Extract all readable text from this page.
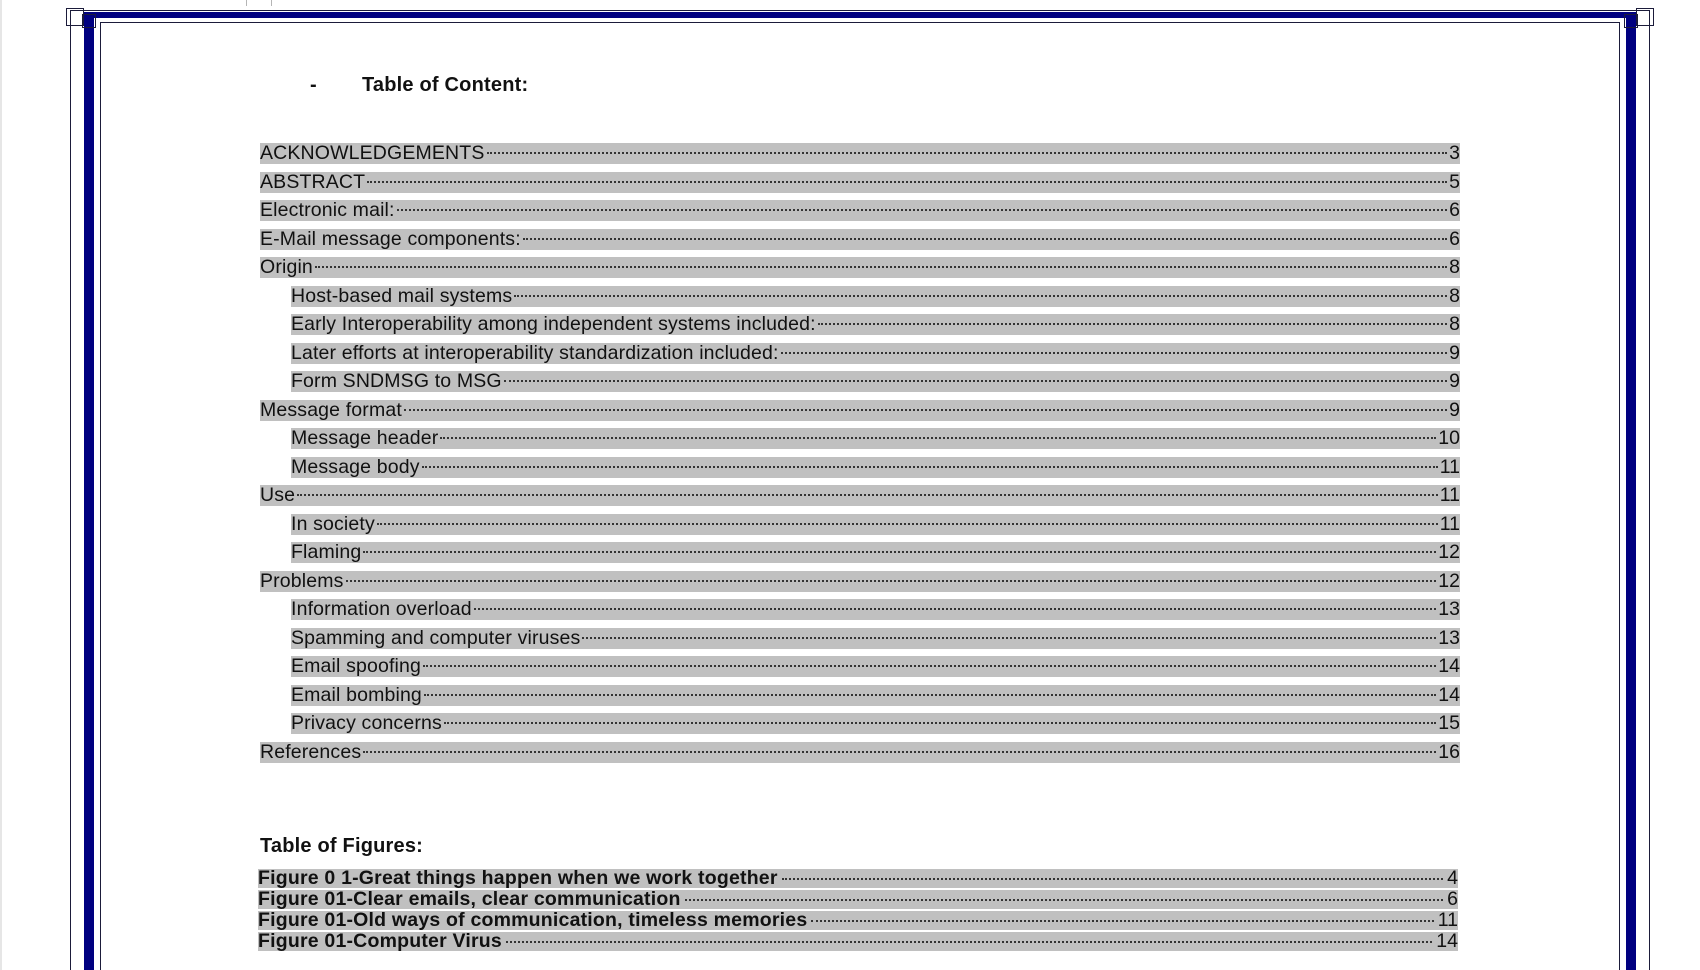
- Table of Content:
ACKNOWLEDGEMENTS	3
ABSTRACT	5
Electronic mail:	6
E-Mail message components:	6
Origin	8
Host-based mail systems	8
Early Interoperability among independent systems included:	8
Later efforts at interoperability standardization included:	9
Form SNDMSG to MSG	9
Message format	9
Message header	10
Message body	11
Use	11
In society	11
Flaming	12
Problems	12
Information overload	13
Spamming and computer viruses	13
Email spoofing	14
Email bombing	14
Privacy concerns	15
References	16
Table of Figures:
Figure 0 1-Great things happen when we work together	4
Figure 01-Clear emails, clear communication	6
Figure 01-Old ways of communication, timeless memories	11
Figure 01-Computer Virus	14
